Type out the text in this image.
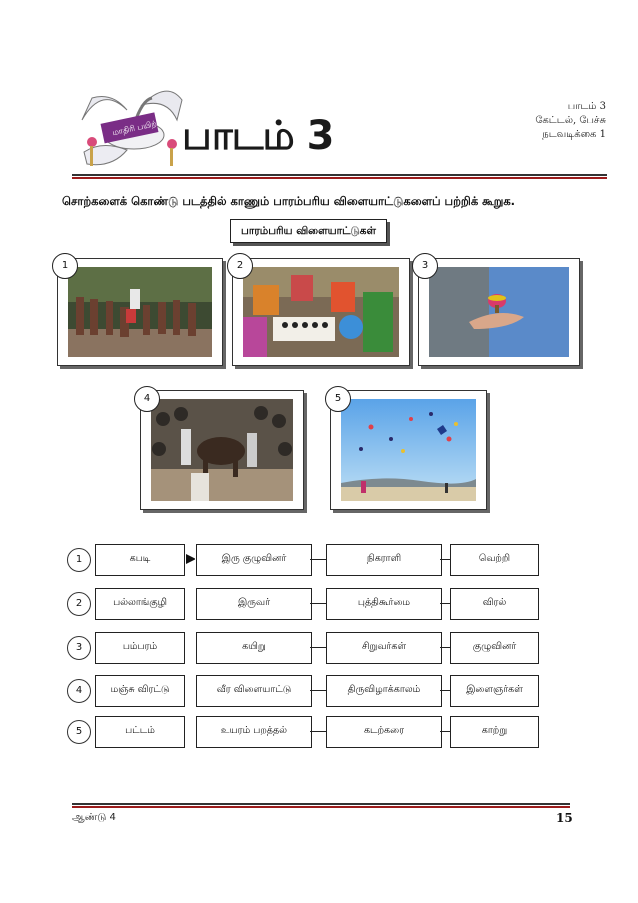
மாதிரி பயிற்சி பாடம் 3
பாடம் 3
கேட்டல், பேச்சு
நடவடிக்கை 1
சொற்களைக் கொண்டு படத்தில் காணும் பாரம்பரிய விளையாட்டுகளைப் பற்றிக் கூறுக.
பாரம்பரிய விளையாட்டுகள்
1	2	3
4	5
1	கபடி	இரு குழுவினர்	நிகராளி	வெற்றி
2	பல்லாங்குழி	இருவர்	புத்திகூர்மை	விரல்
3	பம்பரம்	கயிறு	சிறுவர்கள்	குழுவினர்
4	மஞ்சு விரட்டு	வீர விளையாட்டு	திருவிழாக்காலம்	இளைஞர்கள்
5	பட்டம்	உயரம் பறத்தல்	கடற்கரை	காற்று
ஆண்டு 4	15
